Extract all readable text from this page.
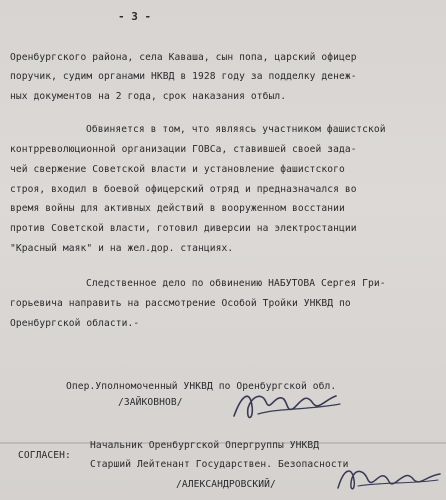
- 3 -
Оренбургского района, села Каваша, сын попа, царский офицер
поручик, судим органами НКВД в 1928 году за подделку денеж-
ных документов на 2 года, срок наказания отбыл.
Обвиняется в том, что являясь участником фашистской
контрреволюционной организации ГОВСа, ставившей своей зада-
чей свержение Советской власти и установление фашистского
строя, входил в боевой офицерский отряд и предназначался во
время войны для активных действий в вооруженном восстании
против Советской власти, готовил диверсии на электростанции
"Красный маяк" и на жел.дор. станциях.
Следственное дело по обвинению НАБУТОВА Сергея Гри-
горьевича направить на рассмотрение Особой Тройки УНКВД по
Оренбургской области.-
Опер.Уполномоченный УНКВД по Оренбургской обл.
/ЗАЙКОВНОВ/
СОГЛАСЕН:
Начальник Оренбургской Опергруппы УНКВД
Старший Лейтенант Государствен. Безопасности
/АЛЕКСАНДРОВСКИЙ/
